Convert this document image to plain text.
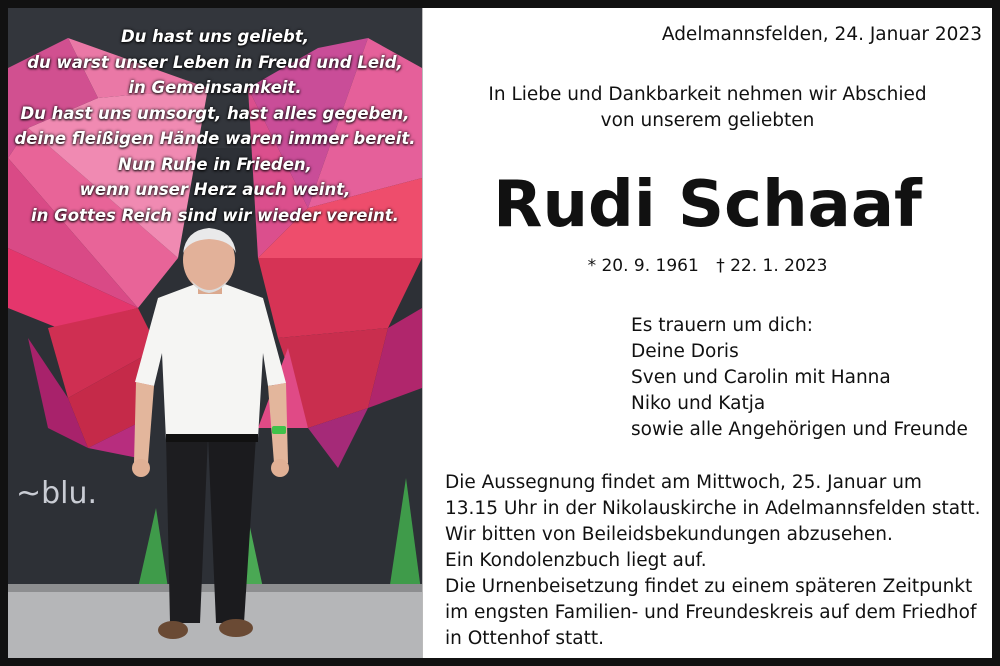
~blu.
Du hast uns geliebt,
du warst unser Leben in Freud und Leid,
in Gemeinsamkeit.
Du hast uns umsorgt, hast alles gegeben,
deine fleißigen Hände waren immer bereit.
Nun Ruhe in Frieden,
wenn unser Herz auch weint,
in Gottes Reich sind wir wieder vereint.
Adelmannsfelden, 24. Januar 2023
In Liebe und Dankbarkeit nehmen wir Abschied
von unserem geliebten
Rudi Schaaf
* 20. 9. 1961 † 22. 1. 2023
Es trauern um dich:
Deine Doris
Sven und Carolin mit Hanna
Niko und Katja
sowie alle Angehörigen und Freunde
Die Aussegnung findet am Mittwoch, 25. Januar um
13.15 Uhr in der Nikolauskirche in Adelmannsfelden statt.
Wir bitten von Beileidsbekundungen abzusehen.
Ein Kondolenzbuch liegt auf.
Die Urnenbeisetzung findet zu einem späteren Zeitpunkt
im engsten Familien- und Freundeskreis auf dem Friedhof
in Ottenhof statt.
